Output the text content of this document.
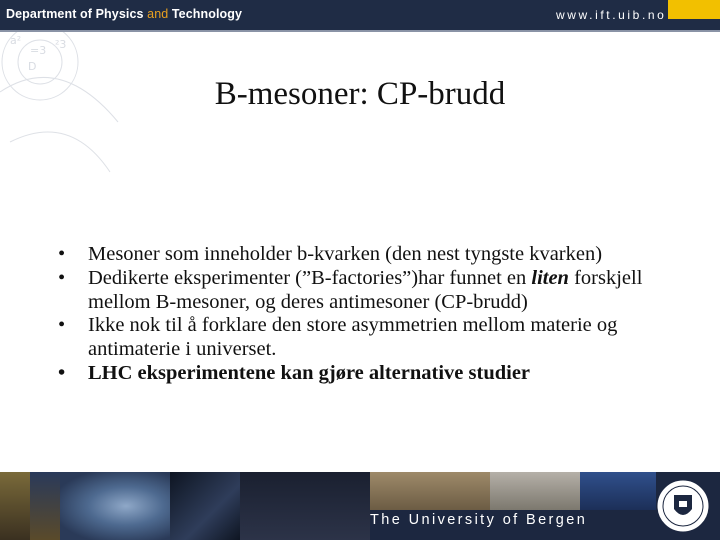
Department of Physics and Technology	www.ift.uib.no
a²
=3 ²3
D
B-mesoner: CP-brudd
• Mesoner som inneholder b-kvarken (den nest tyngste kvarken)
• Dedikerte eksperimenter (”B-factories”)har funnet en liten forskjell mellom B-mesoner, og deres antimesoner (CP-brudd)
• Ikke nok til å forklare den store asymmetrien mellom materie og antimaterie i universet.
• LHC eksperimentene kan gjøre alternative studier
The University of Bergen
